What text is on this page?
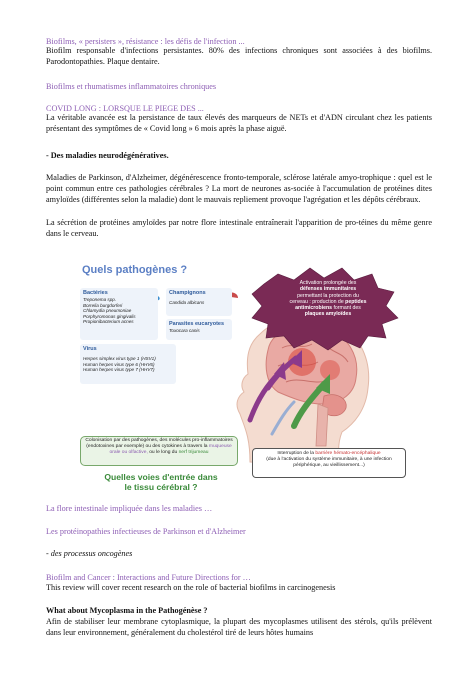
Biofilms, « persisters », résistance : les défis de l'infection ...

Biofilm responsable d'infections persistantes. 80% des infections chroniques sont associées à des biofilms. Parodontopathies. Plaque dentaire.

Biofilms et rhumatismes inflammatoires chroniques

COVID LONG : LORSQUE LE PIEGE DES ...

La véritable avancée est la persistance de taux élevés des marqueurs de NETs et d'ADN circulant chez les patients présentant des symptômes de « Covid long » 6 mois après la phase aiguë.

- Des maladies neurodégénératives.

Maladies de Parkinson, d'Alzheimer, dégénérescence fronto-temporale, sclérose latérale amyo-trophique : quel est le point commun entre ces pathologies cérébrales ? La mort de neurones as-sociée à l'accumulation de protéines dites amyloïdes (différentes selon la maladie) dont le mauvais repliement provoque l'agrégation et les dépôts cérébraux.

La sécrétion de protéines amyloïdes par notre flore intestinale entraînerait l'apparition de pro-téines du même genre dans le cerveau.

Quels pathogènes ?
Bactéries
Treponema spp.
Borrelia burgdorferi
Chlamydia pneumoniae
Porphyromonas gingivalis
Propionibacterium acnes
Champignons
Candida albicans
Parasites eucaryotes
Toxocara canis
Virus
Herpes simplex virus type 1 (HSV1)
Human herpes virus type 6 (HHV6)
Human herpes virus type 7 (HHV7)
Activation prolongée des
défenses immunitaires
permettant la protection du
cerveau : production de peptides
antimicrobiens formant des
plaques amyloïdes
Colonisation par des pathogènes, des molécules pro-inflammatoires (endotoxines par exemple) ou des cytokines à travers la muqueuse orale ou olfactive, ou le long du nerf trijumeau
Quelles voies d'entrée dans le tissu cérébral ?
Interruption de la barrière hémato-encéphalique
(due à l'activation du système immunitaire, à une infection périphérique, au vieillissement...)

La flore intestinale impliquée dans les maladies …

Les protéinopathies infectieuses de Parkinson et d'Alzheimer

- des processus oncogènes

Biofilm and Cancer : Interactions and Future Directions for …

This review will cover recent research on the role of bacterial biofilms in carcinogenesis

What about Mycoplasma in the Pathogénèse ?

Afin de stabiliser leur membrane cytoplasmique, la plupart des mycoplasmes utilisent des stérols, qu'ils prélèvent dans leur environnement, généralement du cholestérol tiré de leurs hôtes humains
